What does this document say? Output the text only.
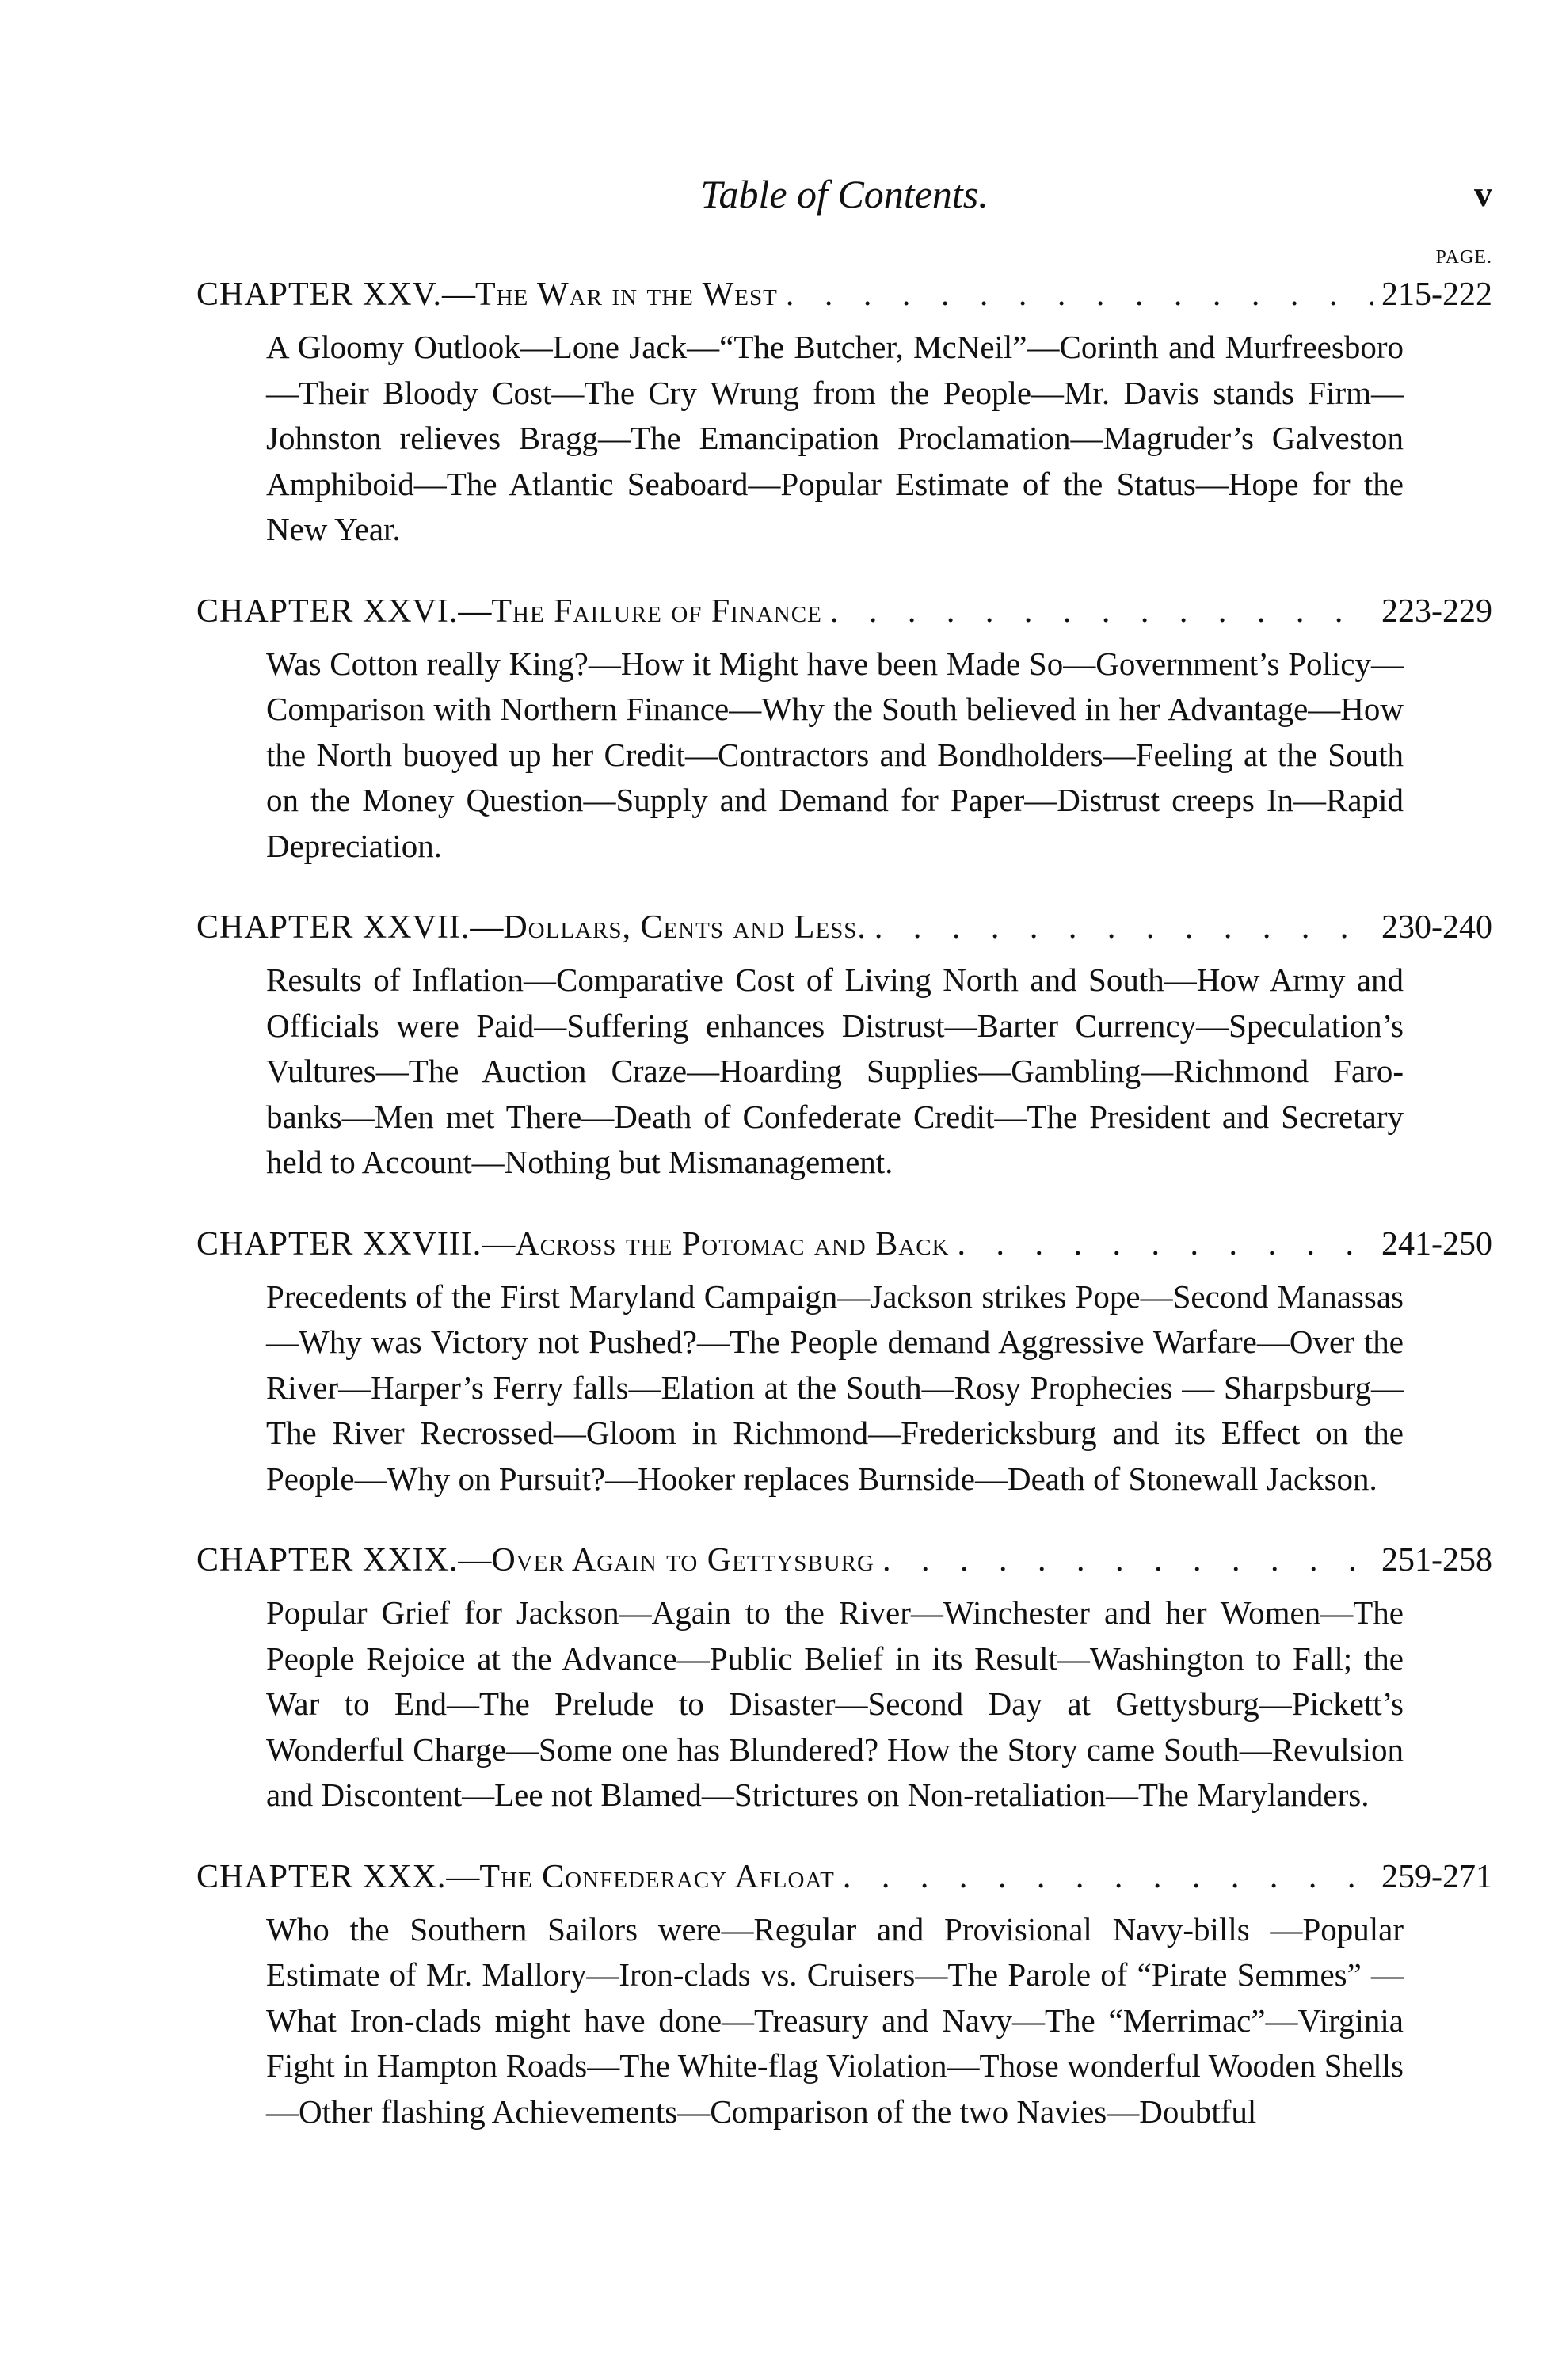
Table of Contents.	v
PAGE.
CHAPTER XXV. — The War in the West . . .	215-222
A Gloomy Outlook—Lone Jack—“The Butcher, McNeil”—Corinth and Murfreesboro—Their Bloody Cost—The Cry Wrung from the People—Mr. Davis stands Firm—Johnston relieves Bragg—The Emancipation Proclamation—Magruder’s Galveston Amphiboid—The Atlantic Seaboard—Popular Estimate of the Status—Hope for the New Year.
CHAPTER XXVI. — The Failure of Finance . . .	223-229
Was Cotton really King?—How it Might have been Made So—Government’s Policy—Comparison with Northern Finance—Why the South believed in her Advantage—How the North buoyed up her Credit—Contractors and Bondholders—Feeling at the South on the Money Question—Supply and Demand for Paper—Distrust creeps In—Rapid Depreciation.
CHAPTER XXVII. — Dollars, Cents and Less. . . .	230-240
Results of Inflation—Comparative Cost of Living North and South—How Army and Officials were Paid—Suffering enhances Distrust—Barter Currency—Speculation’s Vultures—The Auction Craze—Hoarding Supplies—Gambling—Richmond Faro-banks—Men met There—Death of Confederate Credit—The President and Secretary held to Account—Nothing but Mismanagement.
CHAPTER XXVIII. — Across the Potomac and Back . . .	241-250
Precedents of the First Maryland Campaign—Jackson strikes Pope—Second Manassas—Why was Victory not Pushed?—The People demand Aggressive Warfare—Over the River—Harper’s Ferry falls—Elation at the South—Rosy Prophecies — Sharpsburg—The River Recrossed—Gloom in Richmond—Fredericksburg and its Effect on the People—Why on Pursuit?—Hooker replaces Burnside—Death of Stonewall Jackson.
CHAPTER XXIX. — Over Again to Gettysburg . . .	251-258
Popular Grief for Jackson—Again to the River—Winchester and her Women—The People Rejoice at the Advance—Public Belief in its Result—Washington to Fall; the War to End—The Prelude to Disaster—Second Day at Gettysburg—Pickett’s Wonderful Charge—Some one has Blundered? How the Story came South—Revulsion and Discontent—Lee not Blamed—Strictures on Non-retaliation—The Marylanders.
CHAPTER XXX. — The Confederacy Afloat . . .	259-271
Who the Southern Sailors were—Regular and Provisional Navy-bills —Popular Estimate of Mr. Mallory—Iron-clads vs. Cruisers—The Parole of “Pirate Semmes” — What Iron-clads might have done—Treasury and Navy—The “Merrimac”—Virginia Fight in Hampton Roads—The White-flag Violation—Those wonderful Wooden Shells—Other flashing Achievements—Comparison of the two Navies—Doubtful
